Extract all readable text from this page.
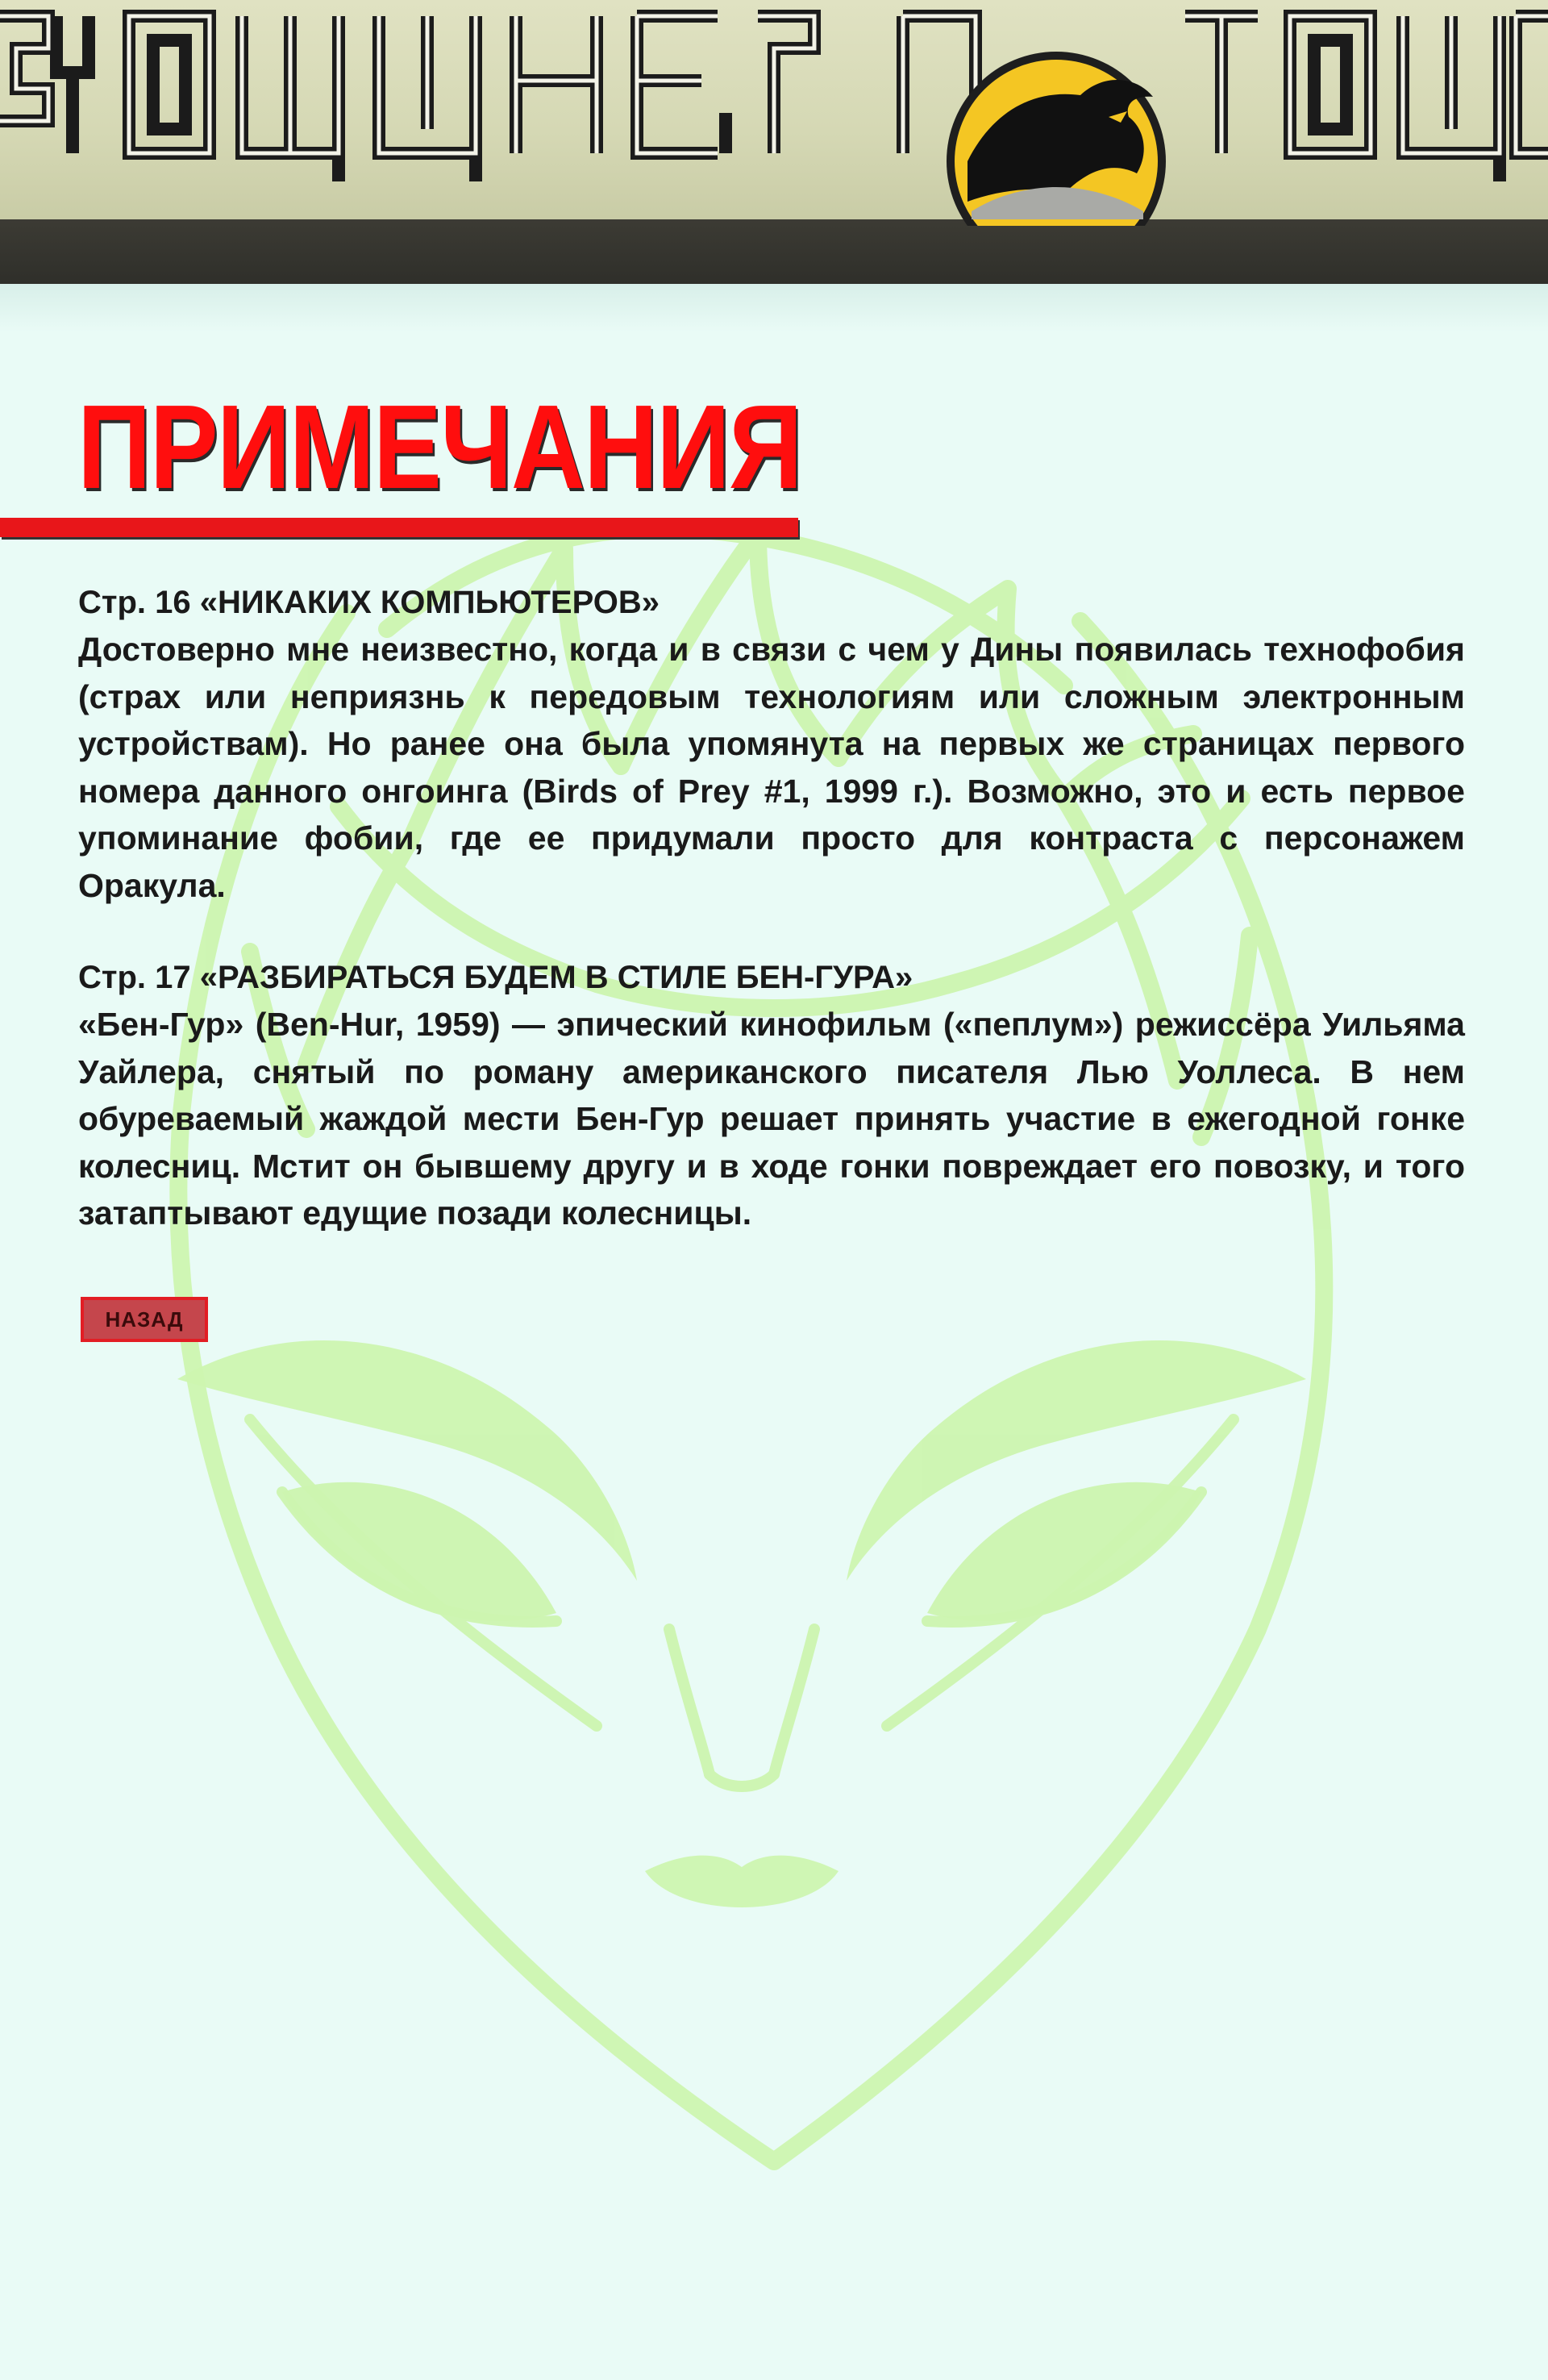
ПРИМЕЧАНИЯ

Стр. 16 «НИКАКИХ КОМПЬЮТЕРОВ»

Достоверно мне неизвестно, когда и в связи с чем у Дины появилась технофобия (страх или неприязнь к передовым технологиям или сложным электронным устройствам). Но ранее она была упомянута на первых же страницах первого номера данного онгоинга (Birds of Prey #1, 1999 г.). Возможно, это и есть первое упоминание фобии, где ее придумали просто для контраста с персонажем Оракула.

Стр. 17 «РАЗБИРАТЬСЯ БУДЕМ В СТИЛЕ БЕН-ГУРА»

«Бен-Гур» (Ben-Hur, 1959) — эпический кинофильм («пеплум») режиссёра Уильяма Уайлера, снятый по роману американского писателя Лью Уоллеса. В нем обуреваемый жаждой мести Бен-Гур решает принять участие в ежегодной гонке колесниц. Мстит он бывшему другу и в ходе гонки повреждает его повозку, и того затаптывают едущие позади колесницы.

НАЗАД
